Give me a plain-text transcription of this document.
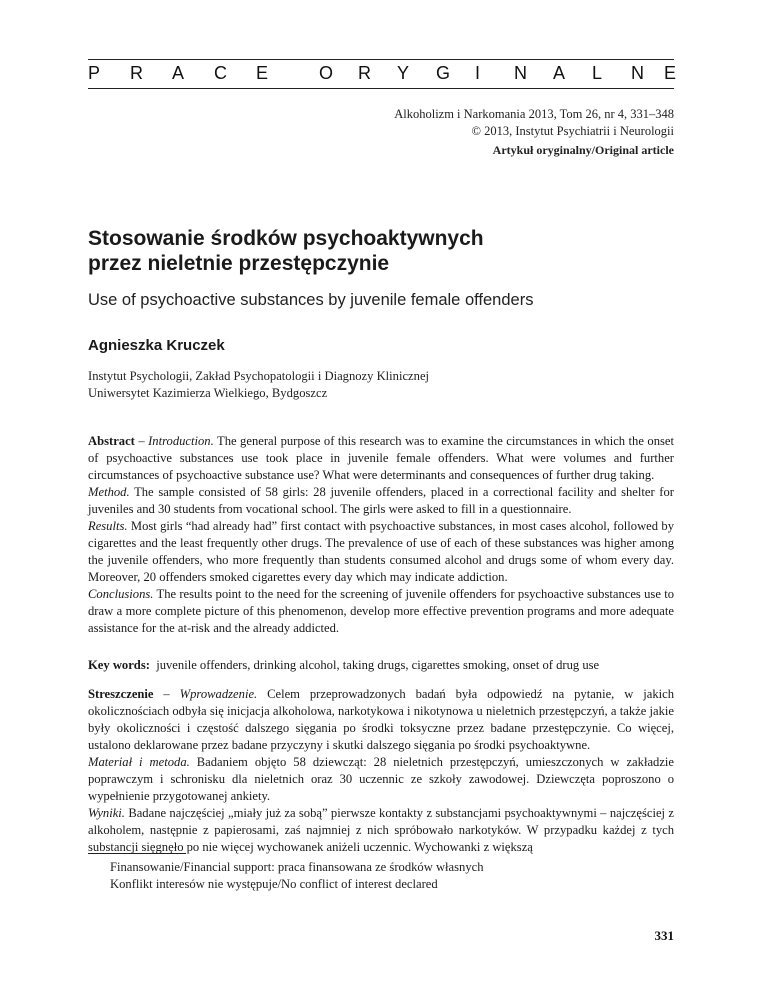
P R A C E	O R Y G I N A L N E
Alkoholizm i Narkomania 2013, Tom 26, nr 4, 331–348
© 2013, Instytut Psychiatrii i Neurologii
Artykuł oryginalny/Original article
Stosowanie środków psychoaktywnych
przez nieletnie przestępczynie
Use of psychoactive substances by juvenile female offenders
Agnieszka Kruczek
Instytut Psychologii, Zakład Psychopatologii i Diagnozy Klinicznej
Uniwersytet Kazimierza Wielkiego, Bydgoszcz

Abstract – Introduction. The general purpose of this research was to examine the circumstances in which the onset of psychoactive substances use took place in juvenile female offenders. What were volumes and further circumstances of psychoactive substance use? What were determinants and consequences of further drug taking.

Method. The sample consisted of 58 girls: 28 juvenile offenders, placed in a correctional facility and shelter for juveniles and 30 students from vocational school. The girls were asked to fill in a questionnaire.

Results. Most girls “had already had” first contact with psychoactive substances, in most cases alcohol, followed by cigarettes and the least frequently other drugs. The prevalence of use of each of these substances was higher among the juvenile offenders, who more frequently than students consumed alcohol and drugs some of whom every day. Moreover, 20 offenders smoked cigarettes every day which may indicate addiction.

Conclusions. The results point to the need for the screening of juvenile offenders for psychoactive substances use to draw a more complete picture of this phenomenon, develop more effective prevention programs and more adequate assistance for the at-risk and the already addicted.

Key words:  juvenile offenders, drinking alcohol, taking drugs, cigarettes smoking, onset of drug use

Streszczenie – Wprowadzenie. Celem przeprowadzonych badań była odpowiedź na pytanie, w jakich okolicznościach odbyła się inicjacja alkoholowa, narkotykowa i nikotynowa u nieletnich przestępczyń, a także jakie były okoliczności i częstość dalszego sięgania po środki toksyczne przez badane przestępczynie. Co więcej, ustalono deklarowane przez badane przyczyny i skutki dalszego sięgania po środki psychoaktywne.

Materiał i metoda. Badaniem objęto 58 dziewcząt: 28 nieletnich przestępczyń, umieszczonych w zakładzie poprawczym i schronisku dla nieletnich oraz 30 uczennic ze szkoły zawodowej. Dziewczęta poproszono o wypełnienie przygotowanej ankiety.

Wyniki. Badane najczęściej „miały już za sobą” pierwsze kontakty z substancjami psychoaktywnymi – najczęściej z alkoholem, następnie z papierosami, zaś najmniej z nich spróbowało narkotyków. W przypadku każdej z tych substancji sięgnęło po nie więcej wychowanek aniżeli uczennic. Wychowanki z większą

Finansowanie/Financial support: praca finansowana ze środków własnych
Konflikt interesów nie występuje/No conflict of interest declared
331
